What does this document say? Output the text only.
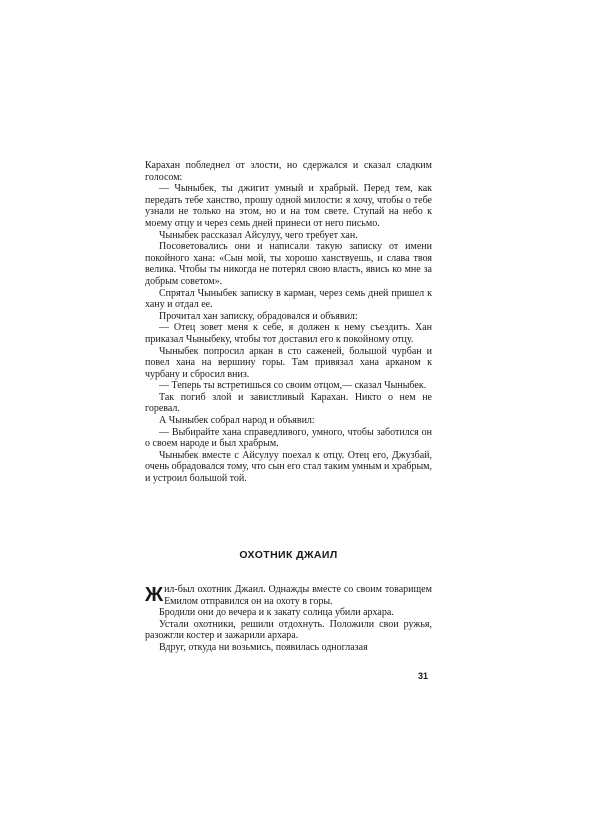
Карахан побледнел от злости, но сдержался и сказал сладким голосом:

— Чыныбек, ты джигит умный и храбрый. Перед тем, как передать тебе ханство, прошу одной милости: я хочу, чтобы о тебе узнали не только на этом, но и на том свете. Ступай на небо к моему отцу и через семь дней принеси от него письмо.

Чыныбек рассказал Айсулуу, чего требует хан.

Посоветовались они и написали такую записку от имени покойного хана: «Сын мой, ты хорошо ханствуешь, и слава твоя велика. Чтобы ты никогда не потерял свою власть, явись ко мне за добрым советом».

Спрятал Чыныбек записку в карман, через семь дней пришел к хану и отдал ее.

Прочитал хан записку, обрадовался и объявил:

— Отец зовет меня к себе, я должен к нему съездить. Хан приказал Чыныбеку, чтобы тот доставил его к покойному отцу.

Чыныбек попросил аркан в сто саженей, большой чурбан и повел хана на вершину горы. Там привязал хана арканом к чурбану и сбросил вниз.

— Теперь ты встретишься со своим отцом,— сказал Чыныбек.

Так погиб злой и завистливый Карахан. Никто о нем не горевал.

А Чыныбек собрал народ и объявил:

— Выбирайте хана справедливого, умного, чтобы заботился он о своем народе и был храбрым.

Чыныбек вместе с Айсулуу поехал к отцу. Отец его, Джузбай, очень обрадовался тому, что сын его стал таким умным и храбрым, и устроил большой той.

ОХОТНИК ДЖАИЛ

Жил-был охотник Джаил. Однажды вместе со своим товарищем Емилом отправился он на охоту в горы.

Бродили они до вечера и к закату солнца убили архара.

Устали охотники, решили отдохнуть. Положили свои ружья, разожгли костер и зажарили архара.

Вдруг, откуда ни возьмись, появилась одноглазая

31
